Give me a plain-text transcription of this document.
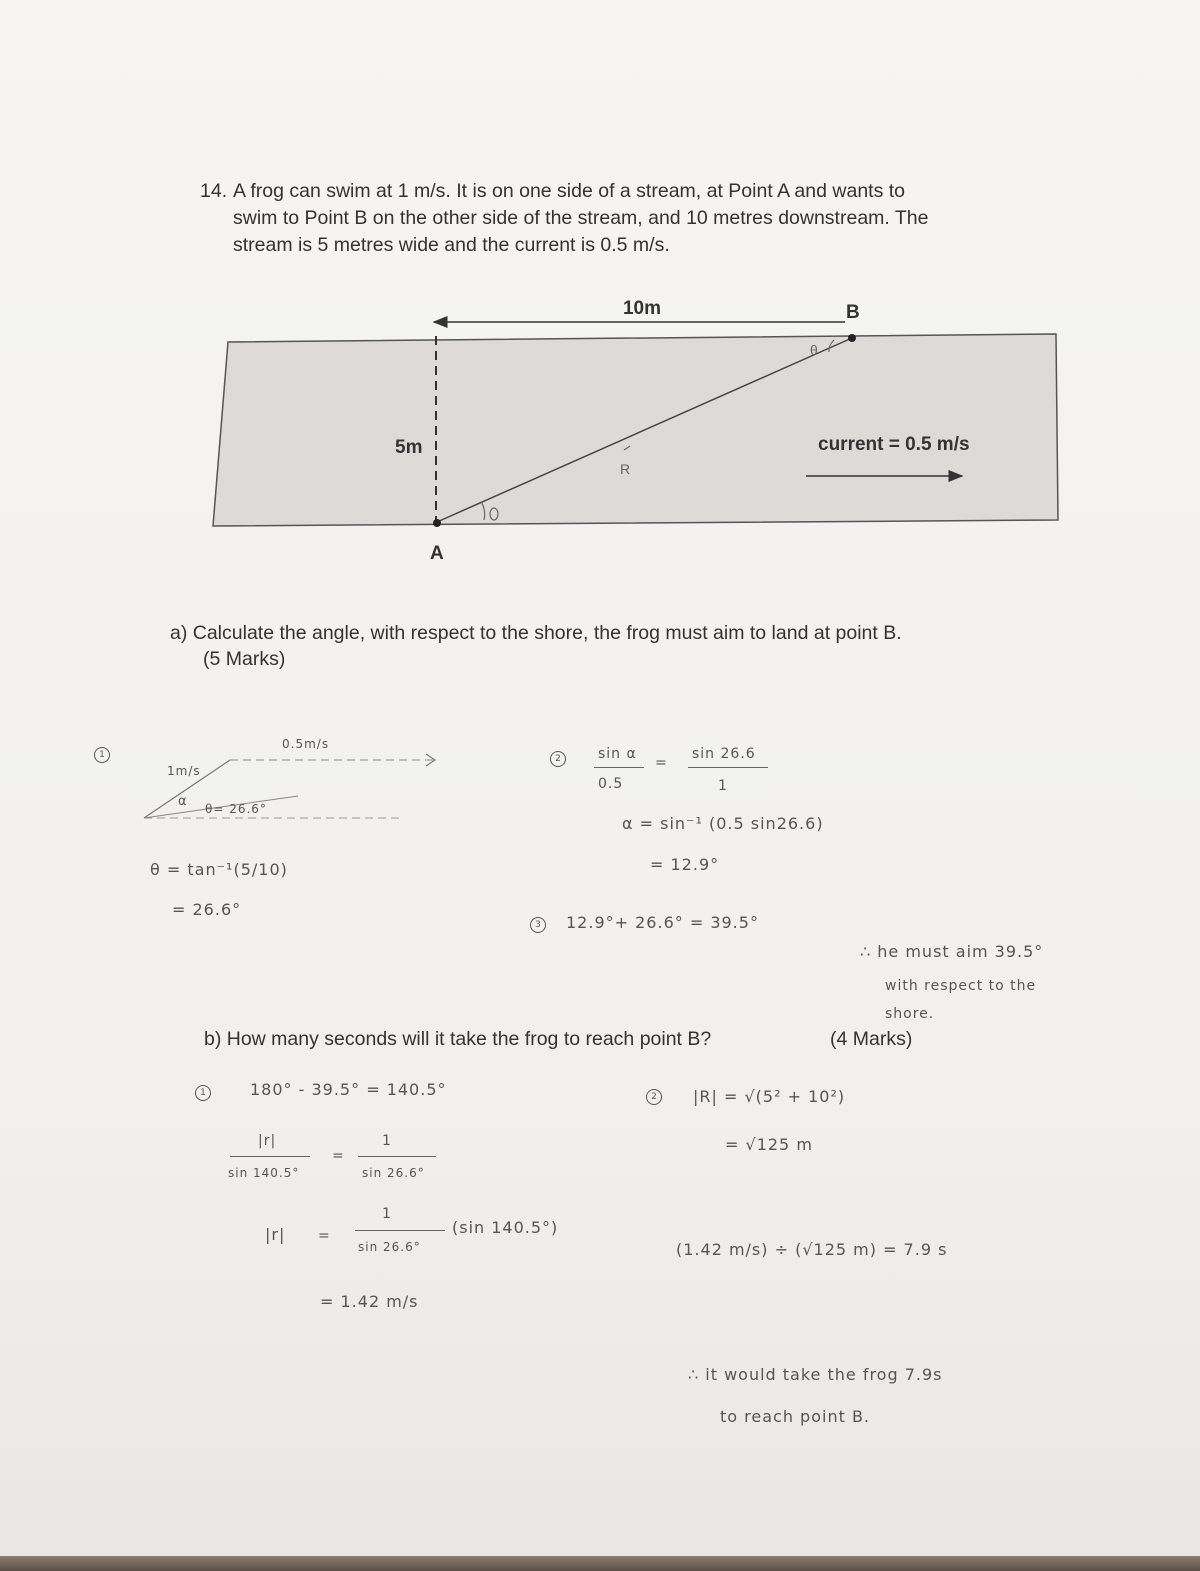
14. A frog can swim at 1 m/s. It is on one side of a stream, at Point A and wants to
swim to Point B on the other side of the stream, and 10 metres downstream. The
stream is 5 metres wide and the current is 0.5 m/s.
10m
5m
A
B
current = 0.5 m/s
R
θ
a) Calculate the angle, with respect to the shore, the frog must aim to land at point B.
(5 Marks)
1
0.5m/s
1m/s
α θ= 26.6°
θ = tan⁻¹(5/10)
= 26.6°
2	sin α
0.5
=
sin 26.6
1
α = sin⁻¹ (0.5 sin26.6)
= 12.9°
3	12.9°+ 26.6° = 39.5°
∴ he must aim 39.5°
with respect to the
shore.
b) How many seconds will it take the frog to reach point B?	(4 Marks)
1	180° - 39.5° = 140.5°
|r|
sin 140.5°
=
1
sin 26.6°
|r| =
1
sin 26.6°
(sin 140.5°)
= 1.42 m/s
2	|R| = √(5² + 10²)
= √125 m
(1.42 m/s) ÷ (√125 m) = 7.9 s
∴ it would take the frog 7.9s
to reach point B.
